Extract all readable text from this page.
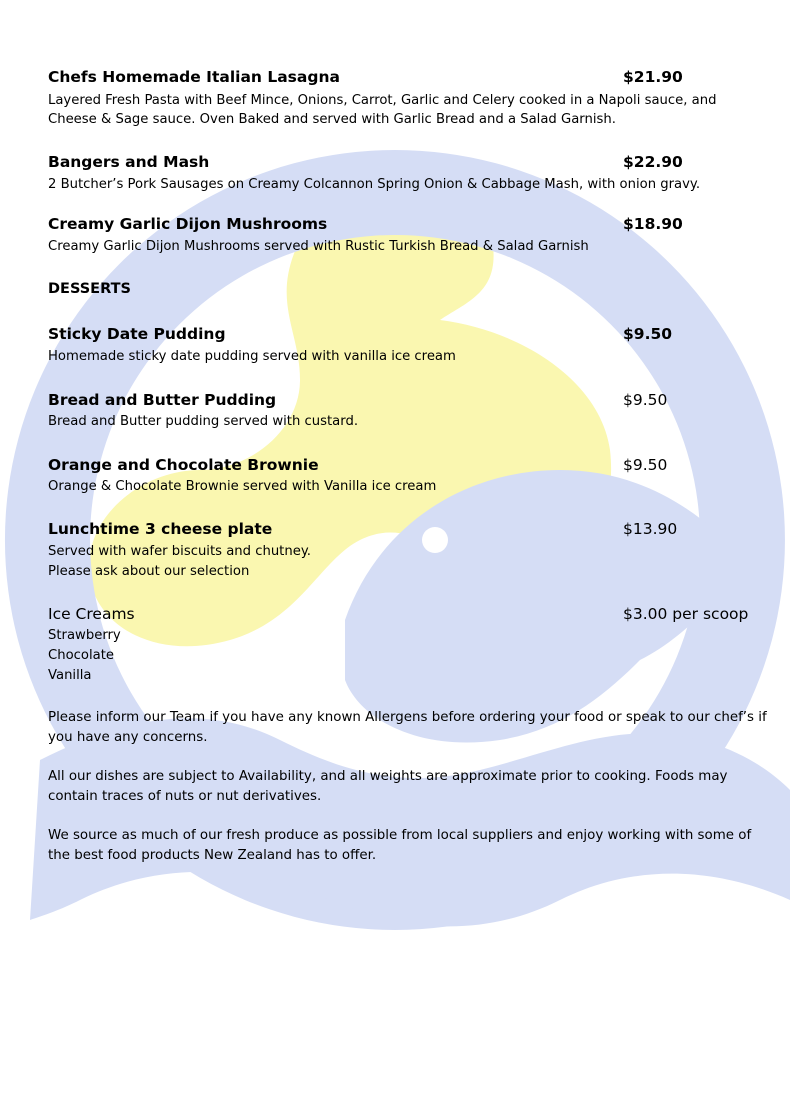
Chefs Homemade Italian Lasagna	$21.90

Layered Fresh Pasta with Beef Mince, Onions, Carrot, Garlic and Celery cooked in a Napoli sauce, and

Cheese & Sage sauce. Oven Baked and served with Garlic Bread and a Salad Garnish.

Bangers and Mash	$22.90

2 Butcher’s Pork Sausages on Creamy Colcannon Spring Onion & Cabbage Mash, with onion gravy.

Creamy Garlic Dijon Mushrooms	$18.90

Creamy Garlic Dijon Mushrooms served with Rustic Turkish Bread & Salad Garnish

DESSERTS

Sticky Date Pudding	$9.50

Homemade sticky date pudding served with vanilla ice cream

Bread and Butter Pudding	$9.50

Bread and Butter pudding served with custard.

Orange and Chocolate Brownie	$9.50

Orange & Chocolate Brownie served with Vanilla ice cream

Lunchtime 3 cheese plate	$13.90

Served with wafer biscuits and chutney.

Please ask about our selection

Ice Creams	$3.00 per scoop

Strawberry

Chocolate

Vanilla

Please inform our Team if you have any known Allergens before ordering your food or speak to our chef’s if you have any concerns.

All our dishes are subject to Availability, and all weights are approximate prior to cooking. Foods may contain traces of nuts or nut derivatives.

We source as much of our fresh produce as possible from local suppliers and enjoy working with some of the best food products New Zealand has to offer.
